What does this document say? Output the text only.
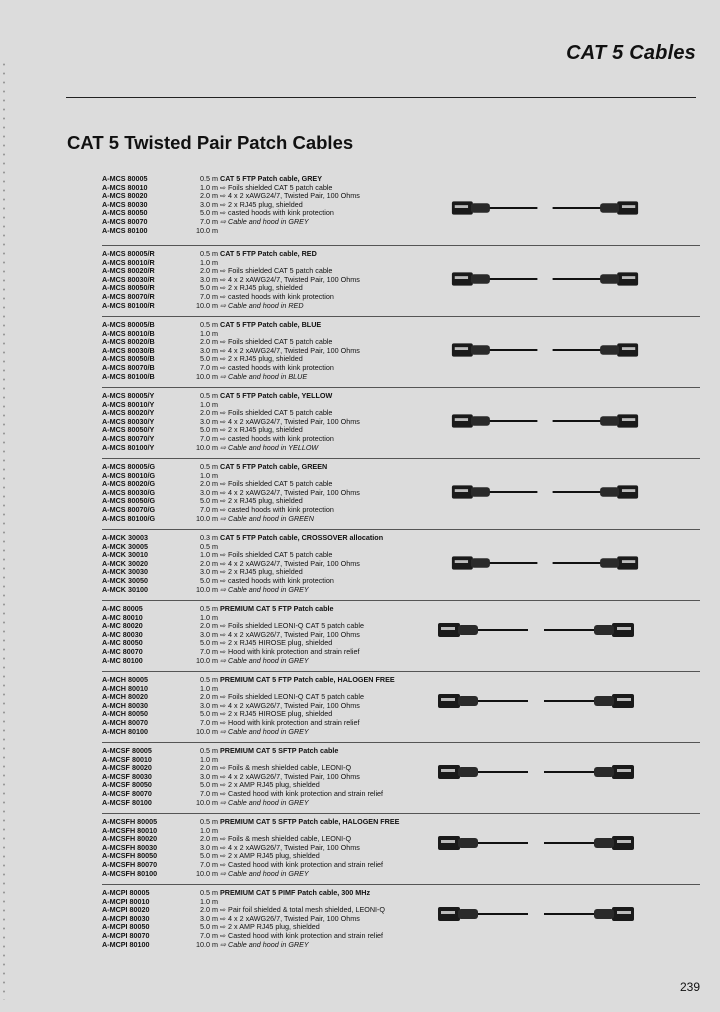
CAT 5 Cables
CAT 5 Twisted Pair Patch Cables
A-MCS 80005	0.5 m CAT 5 FTP Patch cable, GREY
A-MCS 80010	1.0 m ⇨ Foils shielded CAT 5 patch cable
A-MCS 80020	2.0 m ⇨ 4 x 2 xAWG24/7, Twisted Pair, 100 Ohms
A-MCS 80030	3.0 m ⇨ 2 x RJ45 plug, shielded
A-MCS 80050	5.0 m ⇨ casted hoods with kink protection
A-MCS 80070	7.0 m ⇨ Cable and hood in GREY
A-MCS 80100	10.0 m
A-MCS 80005/R	0.5 m CAT 5 FTP Patch cable, RED
A-MCS 80010/R	1.0 m
A-MCS 80020/R	2.0 m ⇨ Foils shielded CAT 5 patch cable
A-MCS 80030/R	3.0 m ⇨ 4 x 2 xAWG24/7, Twisted Pair, 100 Ohms
A-MCS 80050/R	5.0 m ⇨ 2 x RJ45 plug, shielded
A-MCS 80070/R	7.0 m ⇨ casted hoods with kink protection
A-MCS 80100/R	10.0 m ⇨ Cable and hood in RED
A-MCS 80005/B	0.5 m CAT 5 FTP Patch cable, BLUE
A-MCS 80010/B	1.0 m
A-MCS 80020/B	2.0 m ⇨ Foils shielded CAT 5 patch cable
A-MCS 80030/B	3.0 m ⇨ 4 x 2 xAWG24/7, Twisted Pair, 100 Ohms
A-MCS 80050/B	5.0 m ⇨ 2 x RJ45 plug, shielded
A-MCS 80070/B	7.0 m ⇨ casted hoods with kink protection
A-MCS 80100/B	10.0 m ⇨ Cable and hood in BLUE
A-MCS 80005/Y	0.5 m CAT 5 FTP Patch cable, YELLOW
A-MCS 80010/Y	1.0 m
A-MCS 80020/Y	2.0 m ⇨ Foils shielded CAT 5 patch cable
A-MCS 80030/Y	3.0 m ⇨ 4 x 2 xAWG24/7, Twisted Pair, 100 Ohms
A-MCS 80050/Y	5.0 m ⇨ 2 x RJ45 plug, shielded
A-MCS 80070/Y	7.0 m ⇨ casted hoods with kink protection
A-MCS 80100/Y	10.0 m ⇨ Cable and hood in YELLOW
A-MCS 80005/G	0.5 m CAT 5 FTP Patch cable, GREEN
A-MCS 80010/G	1.0 m
A-MCS 80020/G	2.0 m ⇨ Foils shielded CAT 5 patch cable
A-MCS 80030/G	3.0 m ⇨ 4 x 2 xAWG24/7, Twisted Pair, 100 Ohms
A-MCS 80050/G	5.0 m ⇨ 2 x RJ45 plug, shielded
A-MCS 80070/G	7.0 m ⇨ casted hoods with kink protection
A-MCS 80100/G	10.0 m ⇨ Cable and hood in GREEN
A-MCK 30003	0.3 m CAT 5 FTP Patch cable, CROSSOVER allocation
A-MCK 30005	0.5 m
A-MCK 30010	1.0 m ⇨ Foils shielded CAT 5 patch cable
A-MCK 30020	2.0 m ⇨ 4 x 2 xAWG24/7, Twisted Pair, 100 Ohms
A-MCK 30030	3.0 m ⇨ 2 x RJ45 plug, shielded
A-MCK 30050	5.0 m ⇨ casted hoods with kink protection
A-MCK 30100	10.0 m ⇨ Cable and hood in GREY
A-MC 80005	0.5 m PREMIUM CAT 5 FTP Patch cable
A-MC 80010	1.0 m
A-MC 80020	2.0 m ⇨ Foils shielded LEONI-Q CAT 5 patch cable
A-MC 80030	3.0 m ⇨ 4 x 2 xAWG26/7, Twisted Pair, 100 Ohms
A-MC 80050	5.0 m ⇨ 2 x RJ45 HIROSE plug, shielded
A-MC 80070	7.0 m ⇨ Hood with kink protection and strain relief
A-MC 80100	10.0 m ⇨ Cable and hood in GREY
A-MCH 80005	0.5 m PREMIUM CAT 5 FTP Patch cable, HALOGEN FREE
A-MCH 80010	1.0 m
A-MCH 80020	2.0 m ⇨ Foils shielded LEONI-Q CAT 5 patch cable
A-MCH 80030	3.0 m ⇨ 4 x 2 xAWG26/7, Twisted Pair, 100 Ohms
A-MCH 80050	5.0 m ⇨ 2 x RJ45 HIROSE plug, shielded
A-MCH 80070	7.0 m ⇨ Hood with kink protection and strain relief
A-MCH 80100	10.0 m ⇨ Cable and hood in GREY
A-MCSF 80005	0.5 m PREMIUM CAT 5 SFTP Patch cable
A-MCSF 80010	1.0 m
A-MCSF 80020	2.0 m ⇨ Foils & mesh shielded cable, LEONI-Q
A-MCSF 80030	3.0 m ⇨ 4 x 2 xAWG26/7, Twisted Pair, 100 Ohms
A-MCSF 80050	5.0 m ⇨ 2 x AMP RJ45 plug, shielded
A-MCSF 80070	7.0 m ⇨ Casted hood with kink protection and strain relief
A-MCSF 80100	10.0 m ⇨ Cable and hood in GREY
A-MCSFH 80005	0.5 m PREMIUM CAT 5 SFTP Patch cable, HALOGEN FREE
A-MCSFH 80010	1.0 m
A-MCSFH 80020	2.0 m ⇨ Foils & mesh shielded cable, LEONI-Q
A-MCSFH 80030	3.0 m ⇨ 4 x 2 xAWG26/7, Twisted Pair, 100 Ohms
A-MCSFH 80050	5.0 m ⇨ 2 x AMP RJ45 plug, shielded
A-MCSFH 80070	7.0 m ⇨ Casted hood with kink protection and strain relief
A-MCSFH 80100	10.0 m ⇨ Cable and hood in GREY
A-MCPI 80005	0.5 m PREMIUM CAT 5 PIMF Patch cable, 300 MHz
A-MCPI 80010	1.0 m
A-MCPI 80020	2.0 m ⇨ Pair foil shielded & total mesh shielded, LEONI-Q
A-MCPI 80030	3.0 m ⇨ 4 x 2 xAWG26/7, Twisted Pair, 100 Ohms
A-MCPI 80050	5.0 m ⇨ 2 x AMP RJ45 plug, shielded
A-MCPI 80070	7.0 m ⇨ Casted hood with kink protection and strain relief
A-MCPI 80100	10.0 m ⇨ Cable and hood in GREY
239
